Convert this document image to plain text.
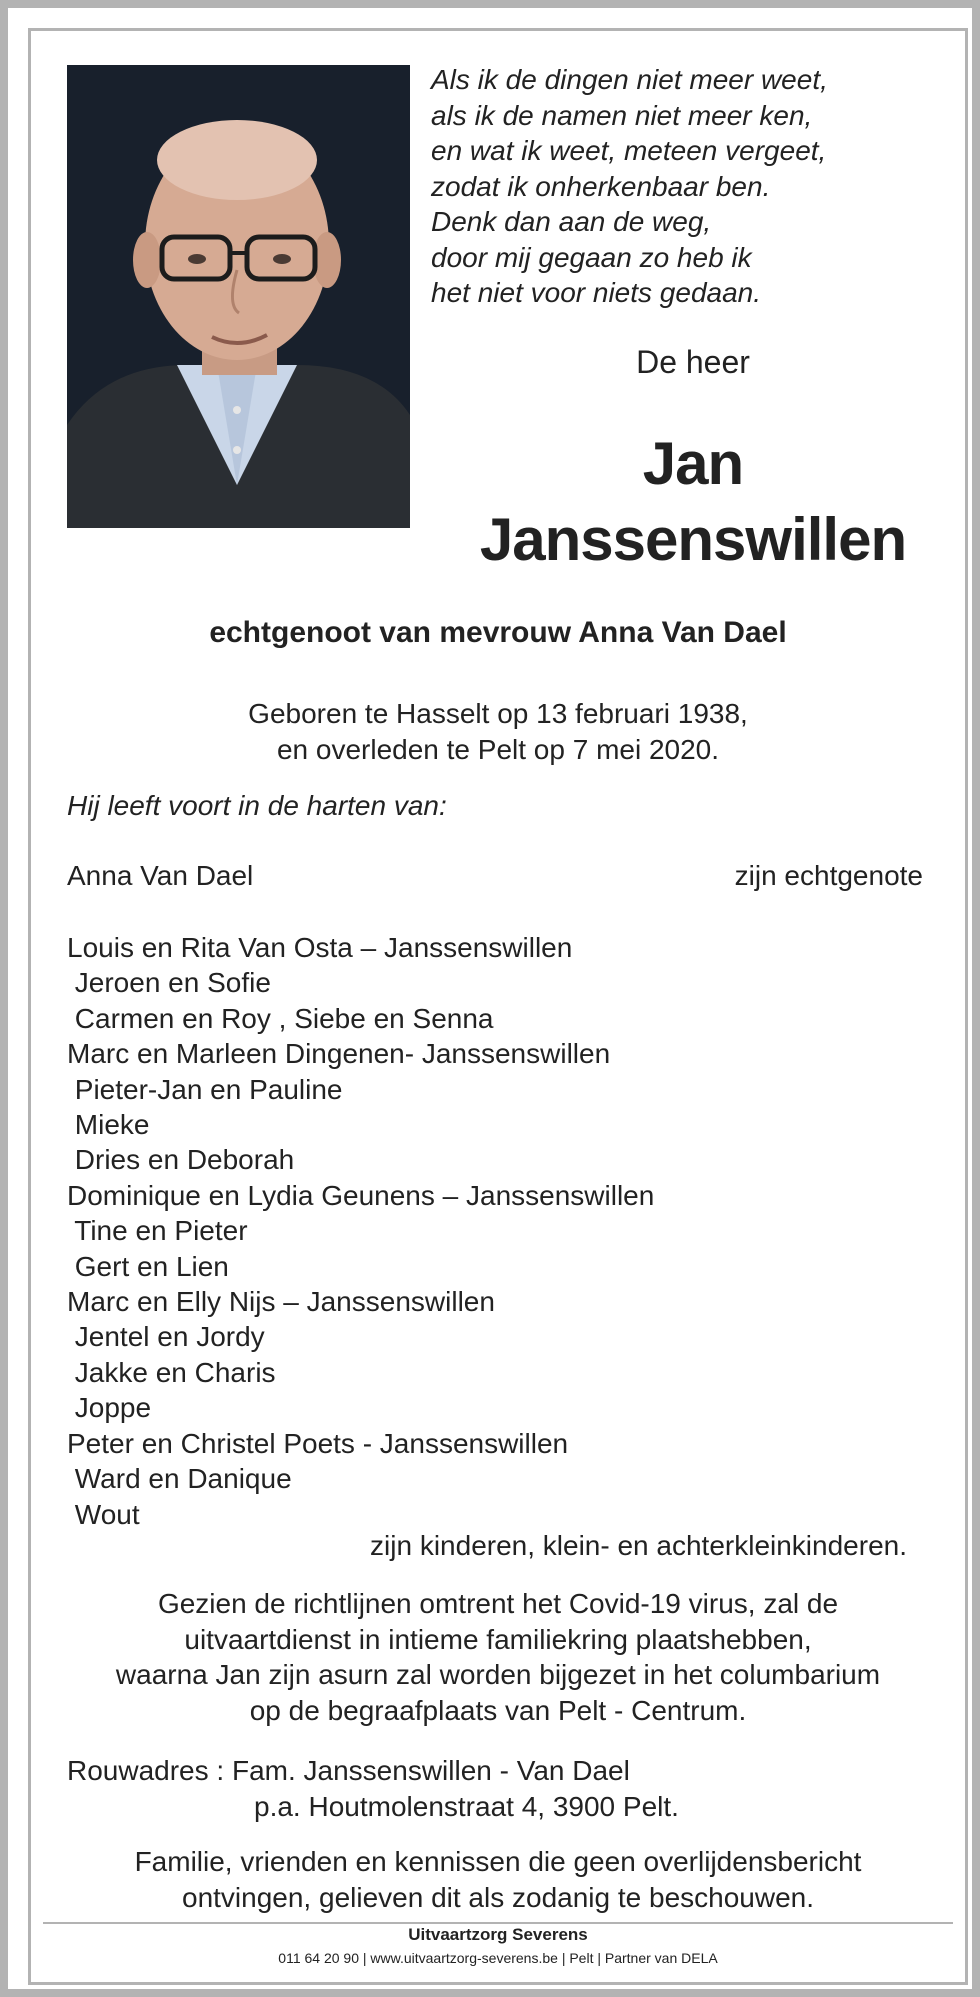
Als ik de dingen niet meer weet,
als ik de namen niet meer ken,
en wat ik weet, meteen vergeet,
zodat ik onherkenbaar ben.
Denk dan aan de weg,
door mij gegaan zo heb ik
het niet voor niets gedaan.
De heer
Jan
Janssenswillen
echtgenoot van mevrouw Anna Van Dael
Geboren te Hasselt op 13 februari 1938,
en overleden te Pelt op 7 mei 2020.
Hij leeft voort in de harten van:
Anna Van Dael	zijn echtgenote
Louis en Rita Van Osta – Janssenswillen
Jeroen en Sofie
Carmen en Roy , Siebe en Senna
Marc en Marleen Dingenen- Janssenswillen
Pieter-Jan en Pauline
Mieke
Dries en Deborah
Dominique en Lydia Geunens – Janssenswillen
Tine en Pieter
Gert en Lien
Marc en Elly Nijs – Janssenswillen
Jentel en Jordy
Jakke en Charis
Joppe
Peter en Christel Poets - Janssenswillen
Ward en Danique
Wout
zijn kinderen, klein- en achterkleinkinderen.
Gezien de richtlijnen omtrent het Covid-19 virus, zal de
uitvaartdienst in intieme familiekring plaatshebben,
waarna Jan zijn asurn zal worden bijgezet in het columbarium
op de begraafplaats van Pelt - Centrum.
Rouwadres : Fam. Janssenswillen - Van Dael
p.a. Houtmolenstraat 4, 3900 Pelt.
Familie, vrienden en kennissen die geen overlijdensbericht
ontvingen, gelieven dit als zodanig te beschouwen.
Uitvaartzorg Severens
011 64 20 90 | www.uitvaartzorg-severens.be | Pelt | Partner van DELA
